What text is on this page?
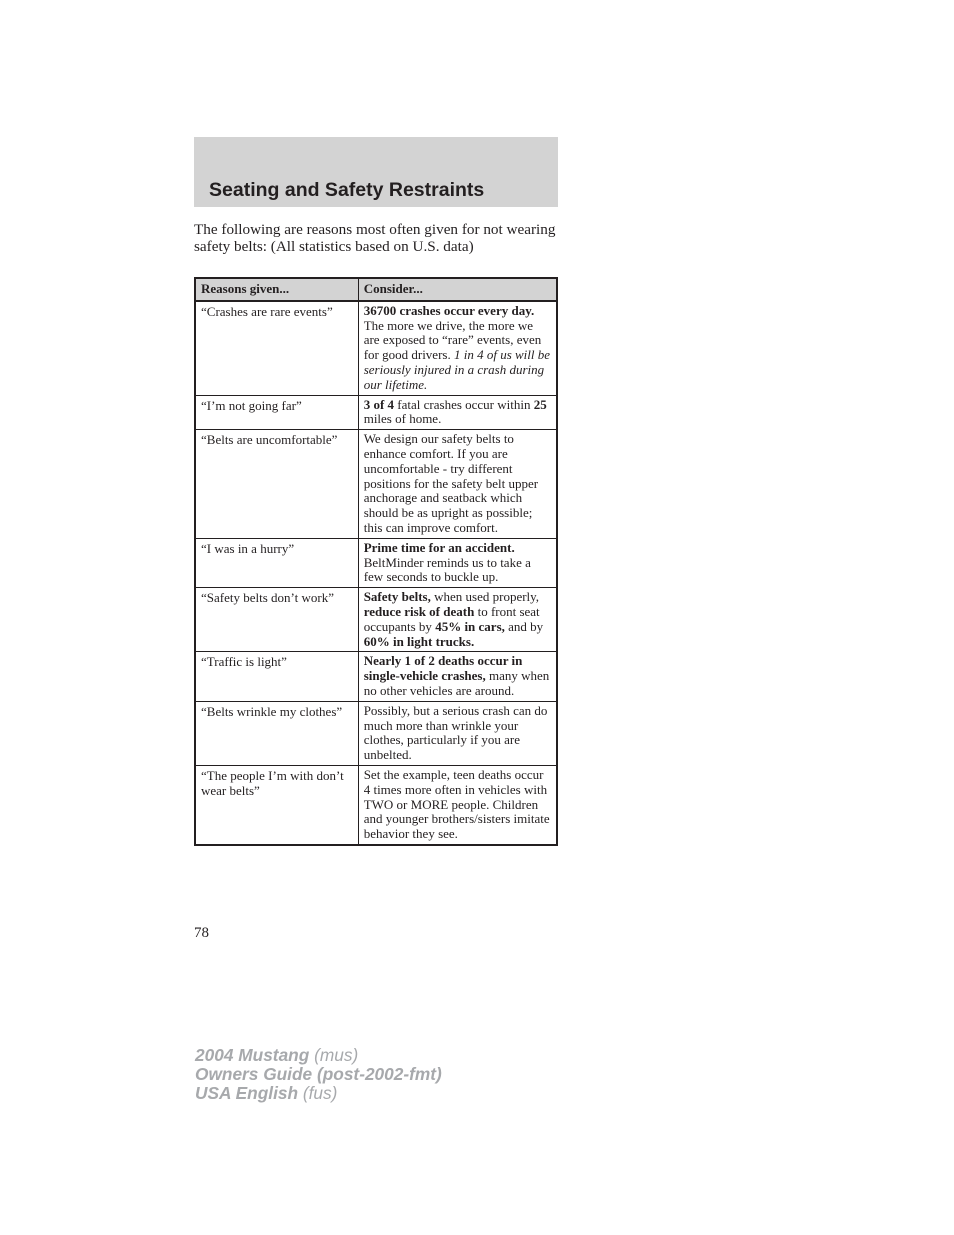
Seating and Safety Restraints

The following are reasons most often given for not wearing safety belts: (All statistics based on U.S. data)

Reasons given...	Consider...
“Crashes are rare events”	36700 crashes occur every day. The more we drive, the more we are exposed to “rare” events, even for good drivers. 1 in 4 of us will be seriously injured in a crash during our lifetime.
“I’m not going far”	3 of 4 fatal crashes occur within 25 miles of home.
“Belts are uncomfortable”	We design our safety belts to enhance comfort. If you are uncomfortable - try different positions for the safety belt upper anchorage and seatback which should be as upright as possible; this can improve comfort.
“I was in a hurry”	Prime time for an accident. BeltMinder reminds us to take a few seconds to buckle up.
“Safety belts don’t work”	Safety belts, when used properly, reduce risk of death to front seat occupants by 45% in cars, and by 60% in light trucks.
“Traffic is light”	Nearly 1 of 2 deaths occur in single-vehicle crashes, many when no other vehicles are around.
“Belts wrinkle my clothes”	Possibly, but a serious crash can do much more than wrinkle your clothes, particularly if you are unbelted.
“The people I’m with don’t wear belts”	Set the example, teen deaths occur 4 times more often in vehicles with TWO or MORE people. Children and younger brothers/sisters imitate behavior they see.

78

2004 Mustang (mus)
Owners Guide (post-2002-fmt)
USA English (fus)
